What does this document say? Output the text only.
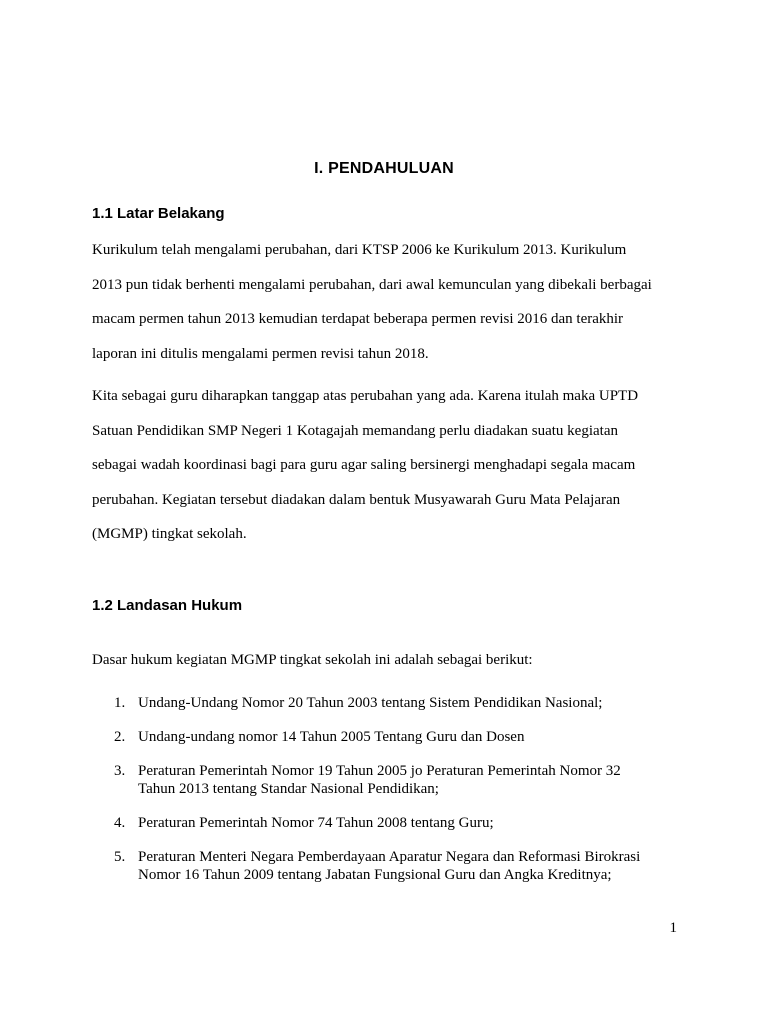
I. PENDAHULUAN
1.1 Latar Belakang

Kurikulum telah mengalami perubahan, dari KTSP 2006 ke Kurikulum 2013. Kurikulum
2013 pun tidak berhenti mengalami perubahan, dari awal kemunculan yang dibekali berbagai
macam permen tahun 2013 kemudian terdapat beberapa permen revisi 2016 dan terakhir
laporan ini ditulis mengalami permen revisi tahun 2018.

Kita sebagai guru diharapkan tanggap atas perubahan yang ada. Karena itulah maka UPTD
Satuan Pendidikan SMP Negeri 1 Kotagajah memandang perlu diadakan suatu kegiatan
sebagai wadah koordinasi bagi para guru agar saling bersinergi menghadapi segala macam
perubahan. Kegiatan tersebut diadakan dalam bentuk Musyawarah Guru Mata Pelajaran
(MGMP) tingkat sekolah.

1.2 Landasan Hukum

Dasar hukum kegiatan MGMP tingkat sekolah ini adalah sebagai berikut:

1. Undang-Undang Nomor 20 Tahun 2003 tentang Sistem Pendidikan Nasional;
2. Undang-undang nomor 14 Tahun 2005 Tentang Guru dan Dosen
3. Peraturan Pemerintah Nomor 19 Tahun 2005 jo Peraturan Pemerintah Nomor 32
Tahun 2013 tentang Standar Nasional Pendidikan;
4. Peraturan Pemerintah Nomor 74 Tahun 2008 tentang Guru;
5. Peraturan Menteri Negara Pemberdayaan Aparatur Negara dan Reformasi Birokrasi
Nomor 16 Tahun 2009 tentang Jabatan Fungsional Guru dan Angka Kreditnya;
1
